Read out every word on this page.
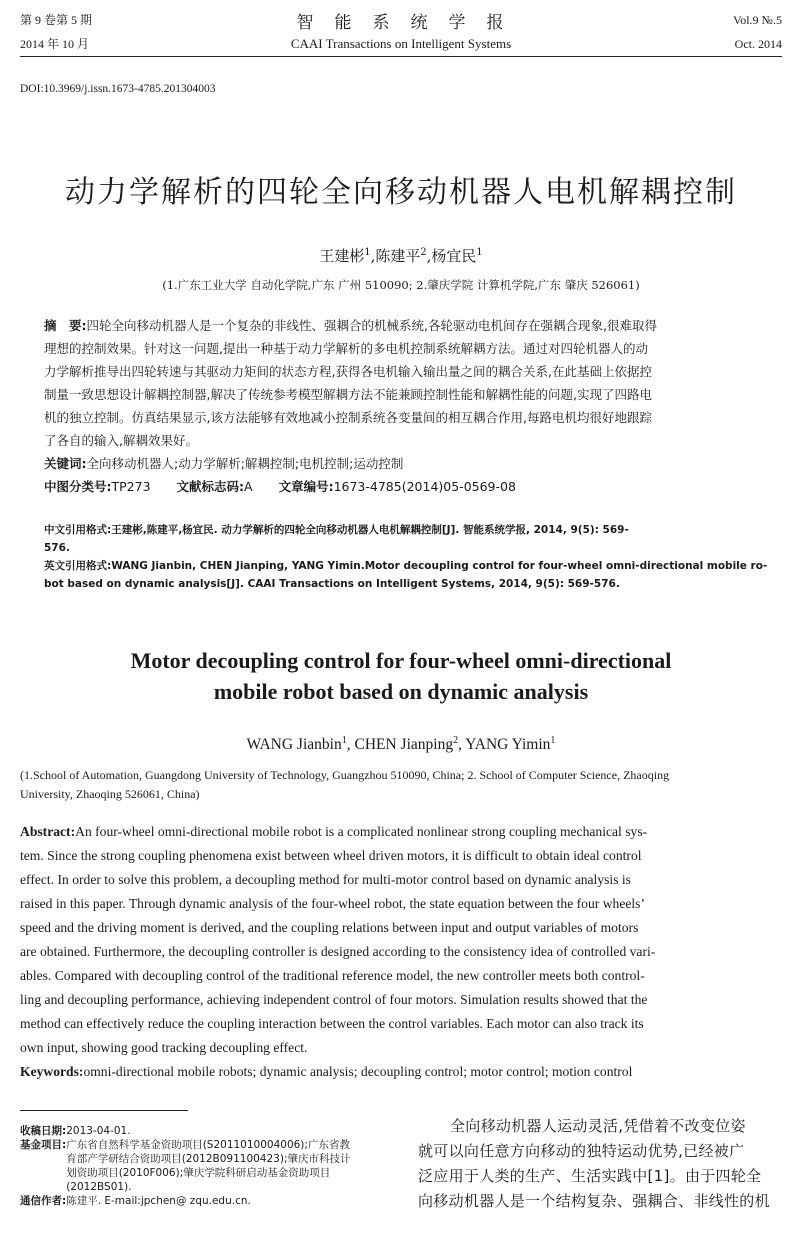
第 9 卷第 5 期
2014 年 10 月
智　能　系　统　学　报
CAAI Transactions on Intelligent Systems
Vol.9 №.5
Oct. 2014
DOI:10.3969/j.issn.1673-4785.201304003
动力学解析的四轮全向移动机器人电机解耦控制
王建彬$^1$,陈建平$^2$,杨宜民$^1$
(1.广东工业大学 自动化学院,广东 广州 510090; 2.肇庆学院 计算机学院,广东 肇庆 526061)
摘　要:四轮全向移动机器人是一个复杂的非线性、强耦合的机械系统,各轮驱动电机间存在强耦合现象,很难取得
理想的控制效果。针对这一问题,提出一种基于动力学解析的多电机控制系统解耦方法。通过对四轮机器人的动
力学解析推导出四轮转速与其驱动力矩间的状态方程,获得各电机输入输出量之间的耦合关系,在此基础上依据控
制量一致思想设计解耦控制器,解决了传统参考模型解耦方法不能兼顾控制性能和解耦性能的问题,实现了四路电
机的独立控制。仿真结果显示,该方法能够有效地减小控制系统各变量间的相互耦合作用,每路电机均很好地跟踪
了各自的输入,解耦效果好。
关键词:全向移动机器人;动力学解析;解耦控制;电机控制;运动控制
中图分类号:TP273 文献标志码:A 文章编号:1673-4785(2014)05-0569-08
中文引用格式:王建彬,陈建平,杨宜民. 动力学解析的四轮全向移动机器人电机解耦控制[J]. 智能系统学报, 2014, 9(5): 569-
576.
英文引用格式:WANG Jianbin, CHEN Jianping, YANG Yimin.Motor decoupling control for four-wheel omni-directional mobile ro-
bot based on dynamic analysis[J]. CAAI Transactions on Intelligent Systems, 2014, 9(5): 569-576.
Motor decoupling control for four-wheel omni-directional
mobile robot based on dynamic analysis
WANG Jianbin$^1$, CHEN Jianping$^2$, YANG Yimin$^1$
(1.School of Automation, Guangdong University of Technology, Guangzhou 510090, China; 2. School of Computer Science, Zhaoqing
University, Zhaoqing 526061, China)
Abstract:An four-wheel omni-directional mobile robot is a complicated nonlinear strong coupling mechanical sys-
tem. Since the strong coupling phenomena exist between wheel driven motors, it is difficult to obtain ideal control
effect. In order to solve this problem, a decoupling method for multi-motor control based on dynamic analysis is
raised in this paper. Through dynamic analysis of the four-wheel robot, the state equation between the four wheels’
speed and the driving moment is derived, and the coupling relations between input and output variables of motors
are obtained. Furthermore, the decoupling controller is designed according to the consistency idea of controlled vari-
ables. Compared with decoupling control of the traditional reference model, the new controller meets both control-
ling and decoupling performance, achieving independent control of four motors. Simulation results showed that the
method can effectively reduce the coupling interaction between the control variables. Each motor can also track its
own input, showing good tracking decoupling effect.
Keywords:omni-directional mobile robots; dynamic analysis; decoupling control; motor control; motion control
收稿日期:2013-04-01.
基金项目: 广东省自然科学基金资助项目(S2011010004006);广东省教
育部产学研结合资助项目(2012B091100423);肇庆市科技计
划资助项目(2010F006);肇庆学院科研启动基金资助项目
(2012BS01).
通信作者:陈建平. E-mail:jpchen@ zqu.edu.cn.
全向移动机器人运动灵活,凭借着不改变位姿
就可以向任意方向移动的独特运动优势,已经被广
泛应用于人类的生产、生活实践中[1]。由于四轮全
向移动机器人是一个结构复杂、强耦合、非线性的机
